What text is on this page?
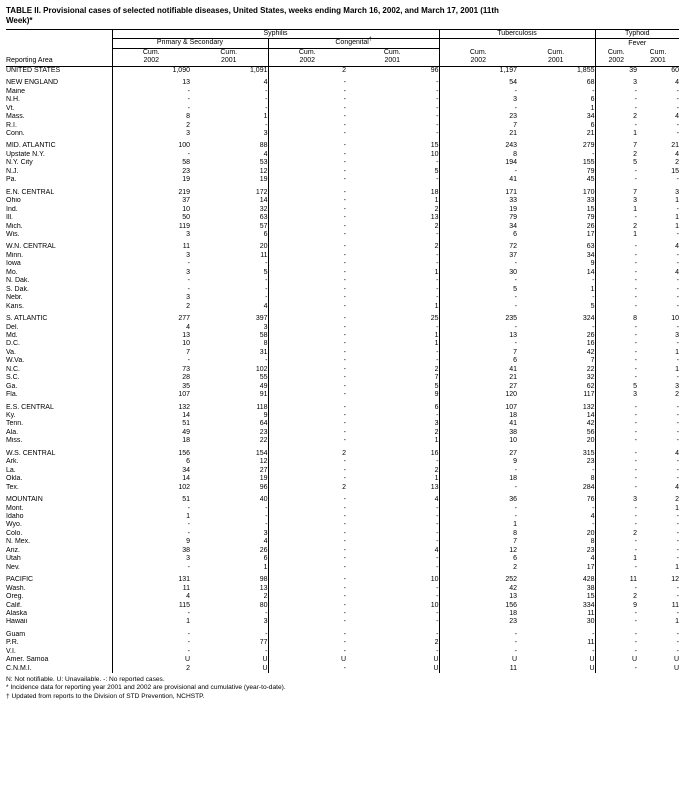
TABLE II. Provisional cases of selected notifiable diseases, United States, weeks ending March 16, 2002, and March 17, 2001 (11th Week)*
	Syphilis				Tuberculosis		Typhoid	
	Primary & Secondary		Congenital†				Fever	
	Cum.	Cum.	Cum.	Cum.	Cum.	Cum.	Cum.	Cum.
Reporting Area	2002	2001	2002	2001	2002	2001	2002	2001
UNITED STATES	1,090	1,091	2	96	1,197	1,855	39	60

NEW ENGLAND	13	4	-	-	54	68	3	4
Maine	-	-	-	-	-	-	-	-
N.H.	-	-	-	-	3	6	-	-
Vt.	-	-	-	-	-	1	-	-
Mass.	8	1	-	-	23	34	2	4
R.I.	2	-	-	-	7	6	-	-
Conn.	3	3	-	-	21	21	1	-

MID. ATLANTIC	100	88	-	15	243	279	7	21
Upstate N.Y.	-	4	-	10	8	-	2	4
N.Y. City	58	53	-	-	194	155	5	2
N.J.	23	12	-	5	-	79	-	15
Pa.	19	19	-	-	41	45	-	-

E.N. CENTRAL	219	172	-	18	171	170	7	3
Ohio	37	14	-	1	33	33	3	1
Ind.	10	32	-	2	19	15	1	-
Ill.	50	63	-	13	79	79	-	1
Mich.	119	57	-	2	34	26	2	1
Wis.	3	6	-	-	6	17	1	-

W.N. CENTRAL	11	20	-	2	72	63	-	4
Minn.	3	11	-	-	37	34	-	-
Iowa	-	-	-	-	-	9	-	-
Mo.	3	5	-	1	30	14	-	4
N. Dak.	-	-	-	-	-	-	-	-
S. Dak.	-	-	-	-	5	1	-	-
Nebr.	3	-	-	-	-	-	-	-
Kans.	2	4	-	1	-	5	-	-

S. ATLANTIC	277	397	-	25	235	324	8	10
Del.	4	3	-	-	-	-	-	-
Md.	13	58	-	1	13	26	-	3
D.C.	10	8	-	1	-	16	-	-
Va.	7	31	-	-	7	42	-	1
W.Va.	-	-	-	-	6	7	-	-
N.C.	73	102	-	2	41	22	-	1
S.C.	28	55	-	7	21	32	-	-
Ga.	35	49	-	5	27	62	5	3
Fla.	107	91	-	9	120	117	3	2

E.S. CENTRAL	132	118	-	6	107	132	-	-
Ky.	14	9	-	-	18	14	-	-
Tenn.	51	64	-	3	41	42	-	-
Ala.	49	23	-	2	38	56	-	-
Miss.	18	22	-	1	10	20	-	-

W.S. CENTRAL	156	154	2	16	27	315	-	4
Ark.	6	12	-	-	9	23	-	-
La.	34	27	-	2	-	-	-	-
Okla.	14	19	-	1	18	8	-	-
Tex.	102	96	2	13	-	284	-	4

MOUNTAIN	51	40	-	4	36	76	3	2
Mont.	-	-	-	-	-	-	-	1
Idaho	1	-	-	-	-	4	-	-
Wyo.	-	-	-	-	1	-	-	-
Colo.	-	3	-	-	8	20	2	-
N. Mex.	9	4	-	-	7	8	-	-
Ariz.	38	26	-	4	12	23	-	-
Utah	3	6	-	-	6	4	1	-
Nev.	-	1	-	-	2	17	-	1

PACIFIC	131	98	-	10	252	428	11	12
Wash.	11	13	-	-	42	38	-	-
Oreg.	4	2	-	-	13	15	2	-
Calif.	115	80	-	10	156	334	9	11
Alaska	-	-	-	-	18	11	-	-
Hawaii	1	3	-	-	23	30	-	1

Guam	-	-	-	-	-	-	-	-
P.R.	-	77	-	2	-	11	-	-
V.I.	-	-	-	-	-	-	-	-
Amer. Samoa	U	U	U	U	U	U	U	U
C.N.M.I.	2	U	-	U	11	U	-	U
N: Not notifiable. U: Unavailable. -: No reported cases.
* Incidence data for reporting year 2001 and 2002 are provisional and cumulative (year-to-date).
† Updated from reports to the Division of STD Prevention, NCHSTP.
